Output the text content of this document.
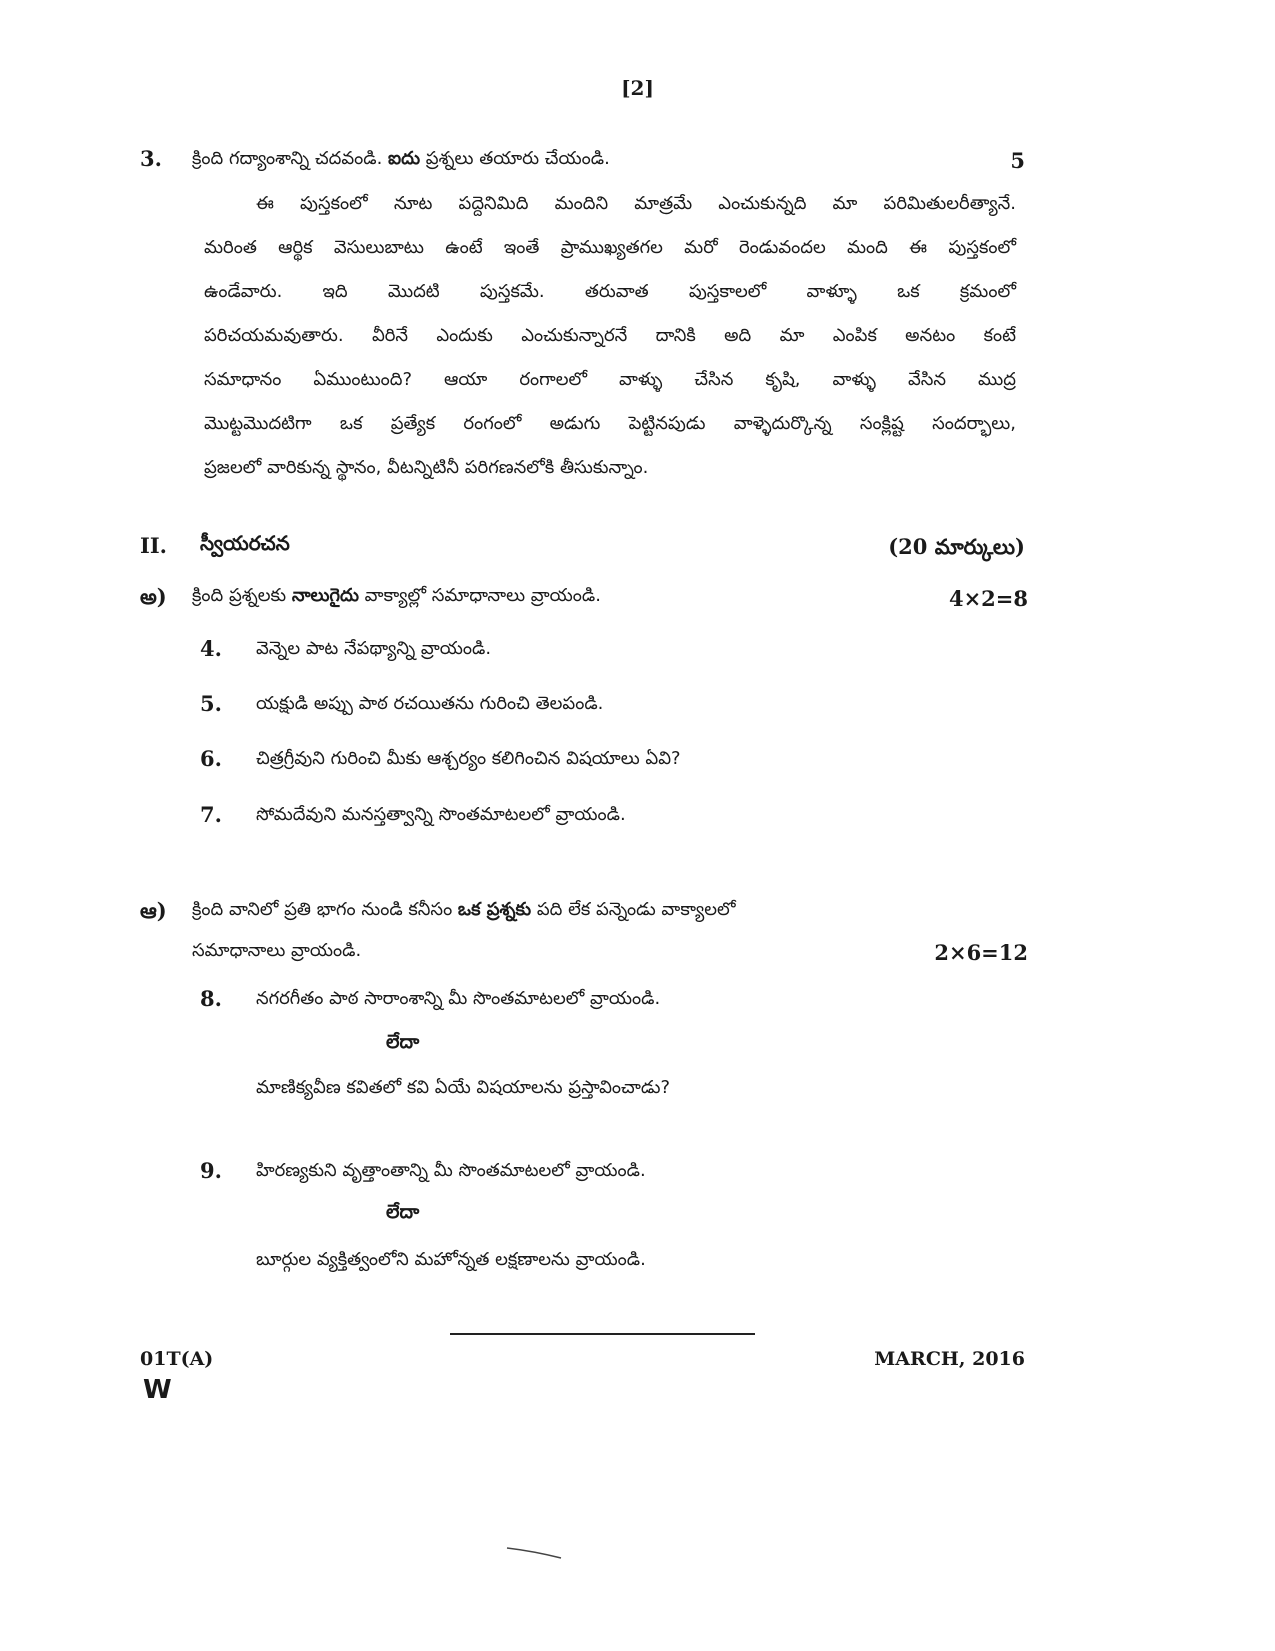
[2]
3. క్రింది గద్యాంశాన్ని చదవండి. ఐదు ప్రశ్నలు తయారు చేయండి.	5
ఈ పుస్తకంలో నూట పద్దెనిమిది మందిని మాత్రమే ఎంచుకున్నది మా పరిమితులరీత్యానే.
మరింత ఆర్థిక వెసులుబాటు ఉంటే ఇంతే ప్రాముఖ్యతగల మరో రెండువందల మంది ఈ పుస్తకంలో
ఉండేవారు. ఇది మొదటి పుస్తకమే. తరువాత పుస్తకాలలో వాళ్ళూ ఒక క్రమంలో
పరిచయమవుతారు. వీరినే ఎందుకు ఎంచుకున్నారనే దానికి అది మా ఎంపిక అనటం కంటే
సమాధానం ఏముంటుంది? ఆయా రంగాలలో వాళ్ళు చేసిన కృషి, వాళ్ళు వేసిన ముద్ర
మొట్టమొదటిగా ఒక ప్రత్యేక రంగంలో అడుగు పెట్టినపుడు వాళ్ళెదుర్కొన్న సంక్లిష్ట సందర్భాలు,
ప్రజలలో వారికున్న స్థానం, వీటన్నిటినీ పరిగణనలోకి తీసుకున్నాం.
II. స్వీయరచన	(20 మార్కులు)
అ) క్రింది ప్రశ్నలకు నాలుగైదు వాక్యాల్లో సమాధానాలు వ్రాయండి.	4×2=8
4. వెన్నెల పాట నేపథ్యాన్ని వ్రాయండి.
5. యక్షుడి అప్పు పాఠ రచయితను గురించి తెలపండి.
6. చిత్రగ్రీవుని గురించి మీకు ఆశ్చర్యం కలిగించిన విషయాలు ఏవి?
7. సోమదేవుని మనస్తత్వాన్ని సొంతమాటలలో వ్రాయండి.
ఆ) క్రింది వానిలో ప్రతి భాగం నుండి కనీసం ఒక ప్రశ్నకు పది లేక పన్నెండు వాక్యాలలో
సమాధానాలు వ్రాయండి.	2×6=12
8. నగరగీతం పాఠ సారాంశాన్ని మీ సొంతమాటలలో వ్రాయండి.
లేదా
మాణిక్యవీణ కవితలో కవి ఏయే విషయాలను ప్రస్తావించాడు?
9. హిరణ్యకుని వృత్తాంతాన్ని మీ సొంతమాటలలో వ్రాయండి.
లేదా
బూర్గుల వ్యక్తిత్వంలోని మహోన్నత లక్షణాలను వ్రాయండి.
01T(A)	MARCH, 2016
W
